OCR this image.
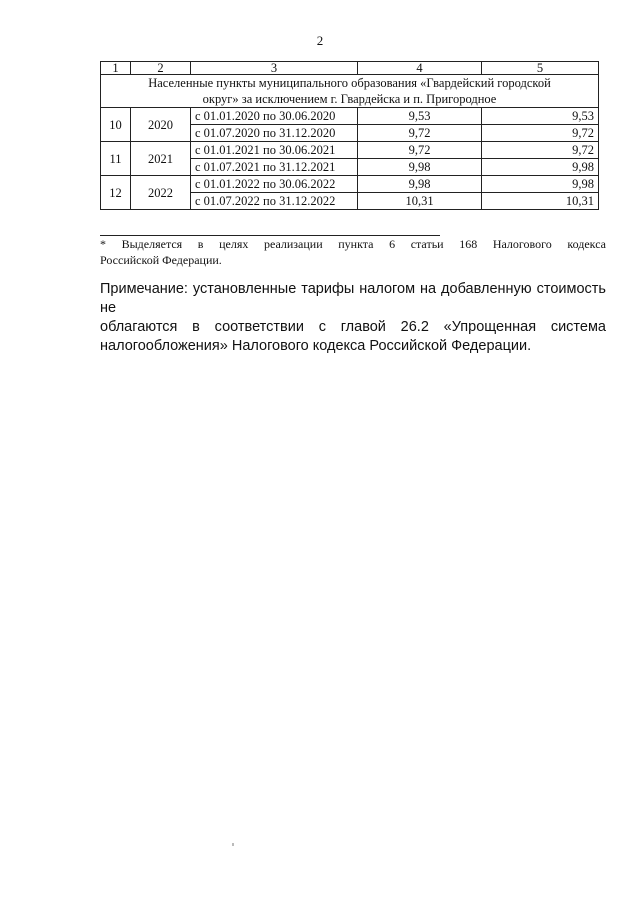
2
1	2	3	4	5
Населенные пункты муниципального образования «Гвардейский городской
округ» за исключением г. Гвардейска и п. Пригородное				
10	2020	с 01.01.2020 по 30.06.2020	9,53	9,53
		с 01.07.2020 по 31.12.2020	9,72	9,72
11	2021	с 01.01.2021 по 30.06.2021	9,72	9,72
		с 01.07.2021 по 31.12.2021	9,98	9,98
12	2022	с 01.01.2022 по 30.06.2022	9,98	9,98
		с 01.07.2022 по 31.12.2022	10,31	10,31
* Выделяется в целях реализации пункта 6 статьи 168 Налогового кодекса
Российской Федерации.
Примечание: установленные тарифы налогом на добавленную стоимость не
облагаются в соответствии с главой 26.2 «Упрощенная система
налогообложения» Налогового кодекса Российской Федерации.
